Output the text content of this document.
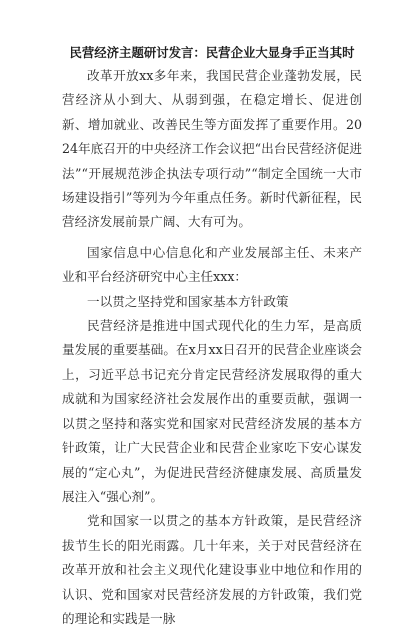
民营经济主题研讨发言：民营企业大显身手正当其时

改革开放xx多年来，我国民营企业蓬勃发展，民营经济从小到大、从弱到强，在稳定增长、促进创新、增加就业、改善民生等方面发挥了重要作用。2024年底召开的中央经济工作会议把“出台民营经济促进法”“开展规范涉企执法专项行动”“制定全国统一大市场建设指引”等列为今年重点任务。新时代新征程，民营经济发展前景广阔、大有可为。

国家信息中心信息化和产业发展部主任、未来产业和平台经济研究中心主任xxx：

一以贯之坚持党和国家基本方针政策

民营经济是推进中国式现代化的生力军，是高质量发展的重要基础。在x月xx日召开的民营企业座谈会上，习近平总书记充分肯定民营经济发展取得的重大成就和为国家经济社会发展作出的重要贡献，强调一以贯之坚持和落实党和国家对民营经济发展的基本方针政策，让广大民营企业和民营企业家吃下安心谋发展的“定心丸”，为促进民营经济健康发展、高质量发展注入“强心剂”。

党和国家一以贯之的基本方针政策，是民营经济拔节生长的阳光雨露。几十年来，关于对民营经济在改革开放和社会主义现代化建设事业中地位和作用的认识、党和国家对民营经济发展的方针政策，我们党的理论和实践是一脉
